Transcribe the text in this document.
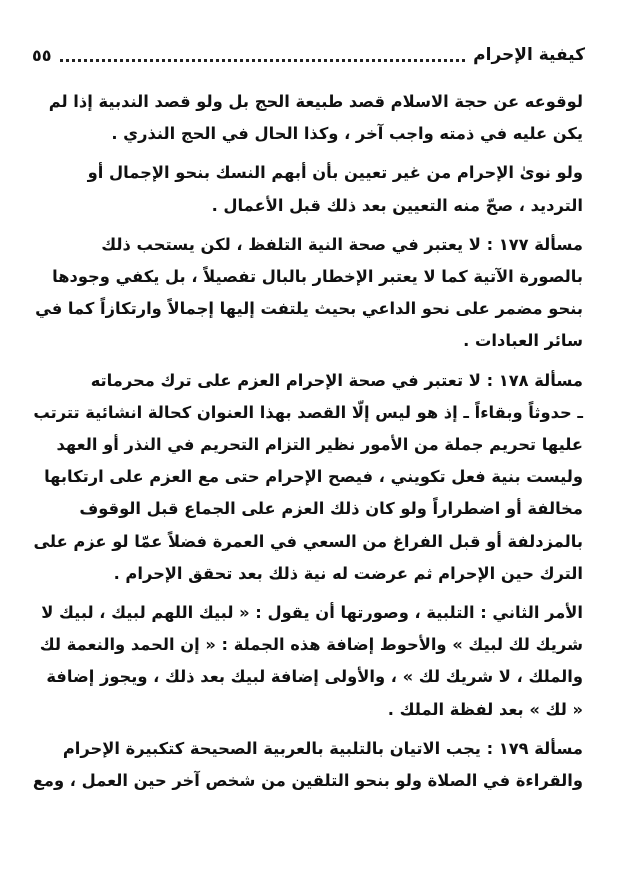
كيفية الإحرام
٥٥

لوقوعه عن حجة الاسلام قصد طبيعة الحج بل ولو قصد الندبية إذا لم
يكن عليه في ذمته واجب آخر ، وكذا الحال في الحج النذري .

ولو نوىٰ الإحرام من غير تعيين بأن أبهم النسك بنحو الإجمال أو
الترديد ، صحّ منه التعيين بعد ذلك قبل الأعمال .

مسألة ١٧٧ : لا يعتبر في صحة النية التلفظ ، لكن يستحب ذلك
بالصورة الآتية كما لا يعتبر الإخطار بالبال تفصيلاً ، بل يكفي وجودها
بنحو مضمر على نحو الداعي بحيث يلتفت إليها إجمالاً وارتكازاً كما في
سائر العبادات .

مسألة ١٧٨ : لا تعتبر في صحة الإحرام العزم على ترك محرماته
ـ حدوثاً وبقاءاً ـ إذ هو ليس إلّا القصد بهذا العنوان كحالة انشائية تترتب
عليها تحريم جملة من الأمور نظير التزام التحريم في النذر أو العهد
وليست بنية فعل تكويني ، فيصح الإحرام حتى مع العزم على ارتكابها
مخالفة أو اضطراراً ولو كان ذلك العزم على الجماع قبل الوقوف
بالمزدلفة أو قبل الفراغ من السعي في العمرة فضلاً عمّا لو عزم على
الترك حين الإحرام ثم عرضت له نية ذلك بعد تحقق الإحرام .

الأمر الثاني : التلبية ، وصورتها أن يقول : « لبيك اللهم لبيك ، لبيك لا
شريك لك لبيك » والأحوط إضافة هذه الجملة : « إن الحمد والنعمة لك
والملك ، لا شريك لك » ، والأولى إضافة لبيك بعد ذلك ، ويجوز إضافة
« لك » بعد لفظة الملك .

مسألة ١٧٩ : يجب الاتيان بالتلبية بالعربية الصحيحة كتكبيرة الإحرام
والقراءة في الصلاة ولو بنحو التلقين من شخص آخر حين العمل ، ومع
